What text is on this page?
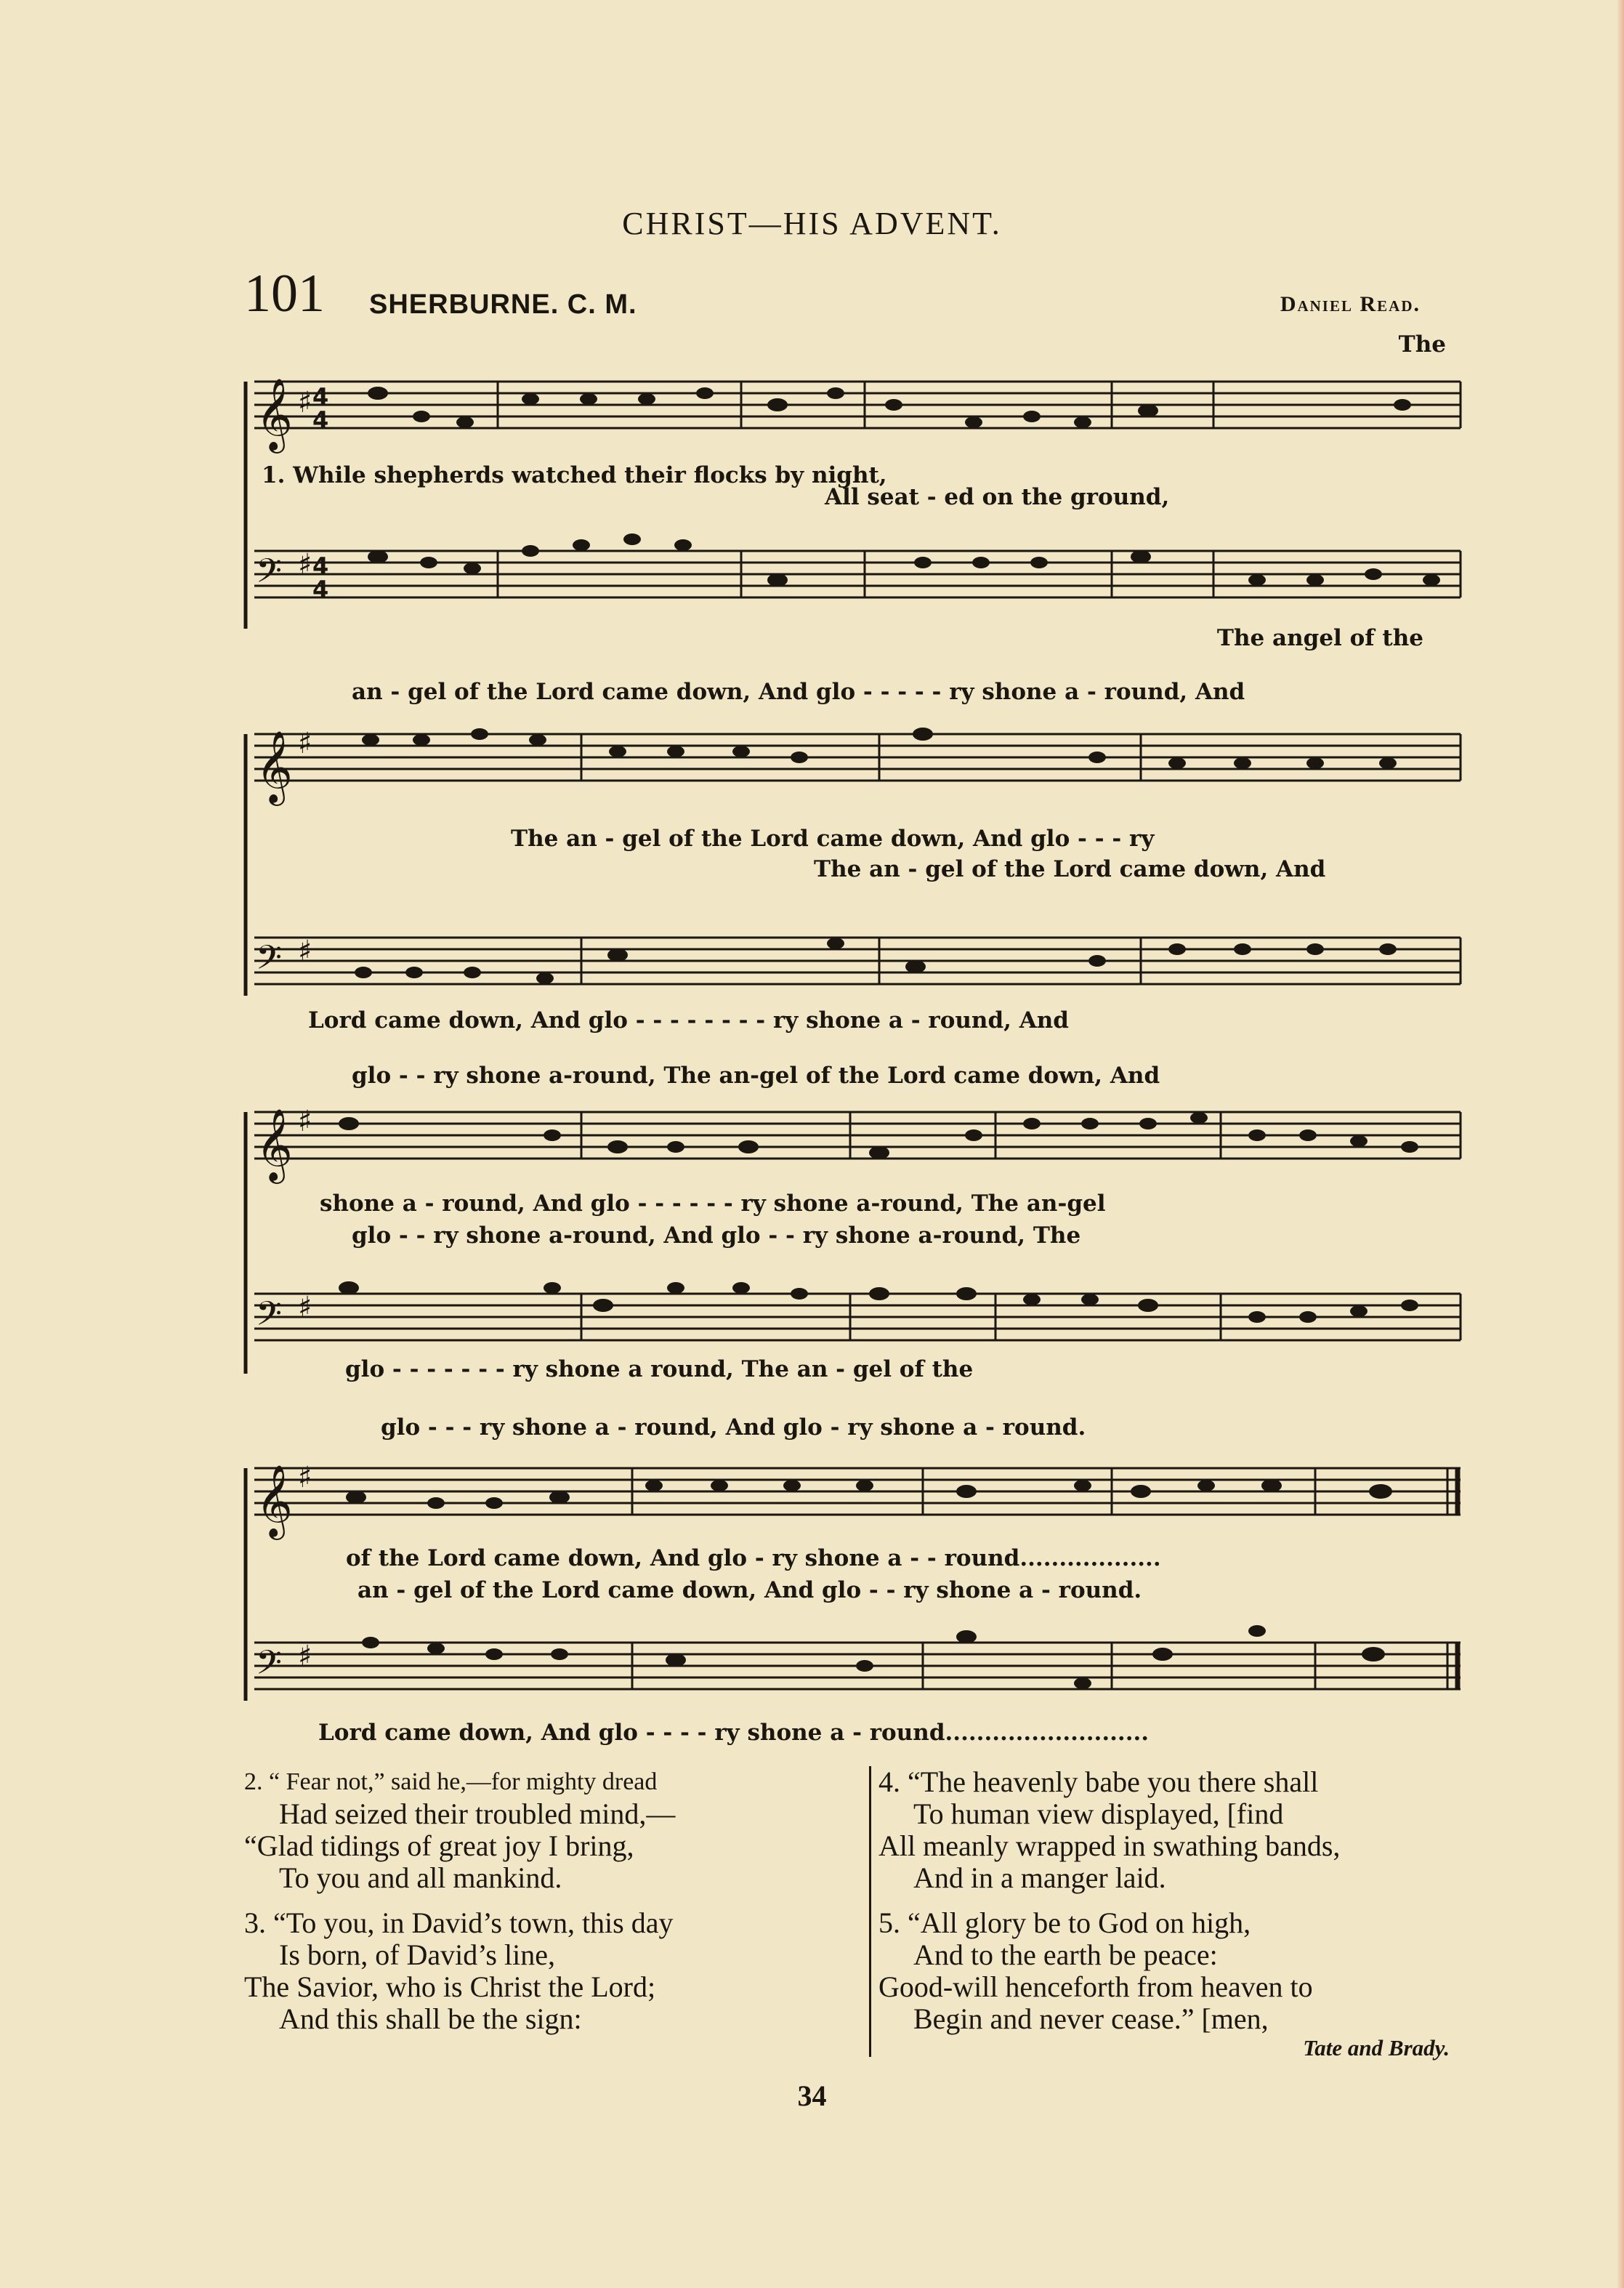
CHRIST—HIS ADVENT.
101 SHERBURNE. C. M.	Daniel Read.
The
𝄞 ♯ 4
4
1. While shepherds watched their flocks by night,
All seat - ed on the ground,
𝄢 ♯ 4
4
The angel of the
an - gel of the Lord came down, And glo - - - - - ry shone a - round, And
𝄞 ♯
The an - gel of the Lord came down, And glo - - - ry
The an - gel of the Lord came down, And
𝄢 ♯
Lord came down, And glo - - - - - - - - ry shone a - round, And
glo - - ry shone a-round, The an-gel of the Lord came down, And
𝄞 ♯
shone a - round, And glo - - - - - - ry shone a-round, The an-gel
glo - - ry shone a-round, And glo - - ry shone a-round, The
𝄢 ♯
glo - - - - - - - ry shone a round, The an - gel of the
glo - - - ry shone a - round, And glo - ry shone a - round.
𝄞 ♯
of the Lord came down, And glo - ry shone a - - round..................
an - gel of the Lord came down, And glo - - ry shone a - round.
𝄢 ♯
Lord came down, And glo - - - - ry shone a - round..........................
2. “ Fear not,” said he,—for mighty dread
Had seized their troubled mind,—
“Glad tidings of great joy I bring,
To you and all mankind.
3. “To you, in David’s town, this day
Is born, of David’s line,
The Savior, who is Christ the Lord;
And this shall be the sign:
4. “The heavenly babe you there shall
To human view displayed, [find
All meanly wrapped in swathing bands,
And in a manger laid.
5. “All glory be to God on high,
And to the earth be peace:
Good-will henceforth from heaven to
Begin and never cease.” [men,
Tate and Brady.
34
